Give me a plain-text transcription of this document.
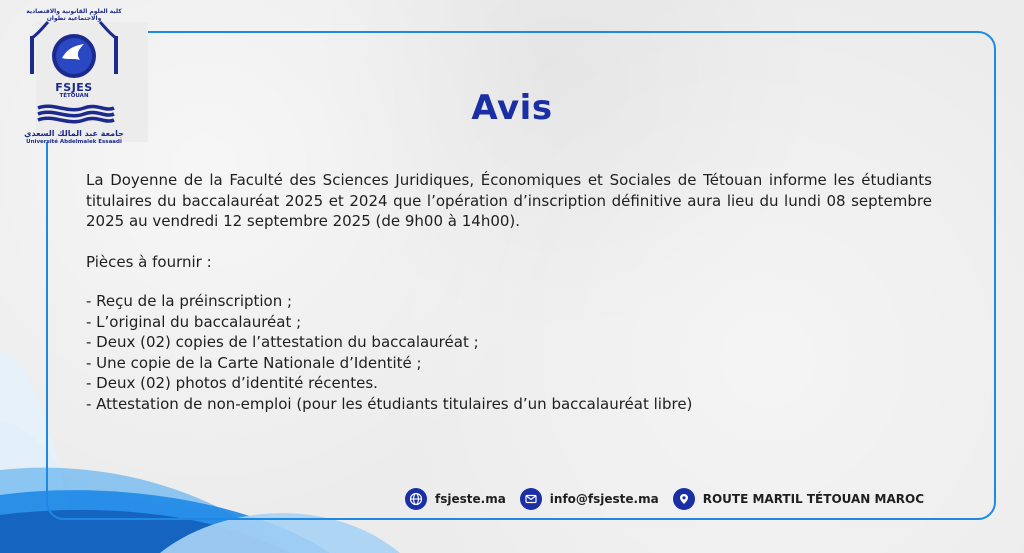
كلية العلوم القانونية والاقتصادية والاجتماعية تطوان
FSJES
TÉTOUAN
جامعة عبد المالك السعدي
Université Abdelmalek Essaadi
Avis

La Doyenne de la Faculté des Sciences Juridiques, Économiques et Sociales de Tétouan informe les étudiants titulaires du baccalauréat 2025 et 2024 que l’opération d’inscription définitive aura lieu du lundi 08 septembre 2025 au vendredi 12 septembre 2025 (de 9h00 à 14h00).

Pièces à fournir :

- Reçu de la préinscription ;
- L’original du baccalauréat ;
- Deux (02) copies de l’attestation du baccalauréat ;
- Une copie de la Carte Nationale d’Identité ;
- Deux (02) photos d’identité récentes.
- Attestation de non-emploi (pour les étudiants titulaires d’un baccalauréat libre)
fsjeste.ma	info@fsjeste.ma	ROUTE MARTIL TÉTOUAN MAROC
